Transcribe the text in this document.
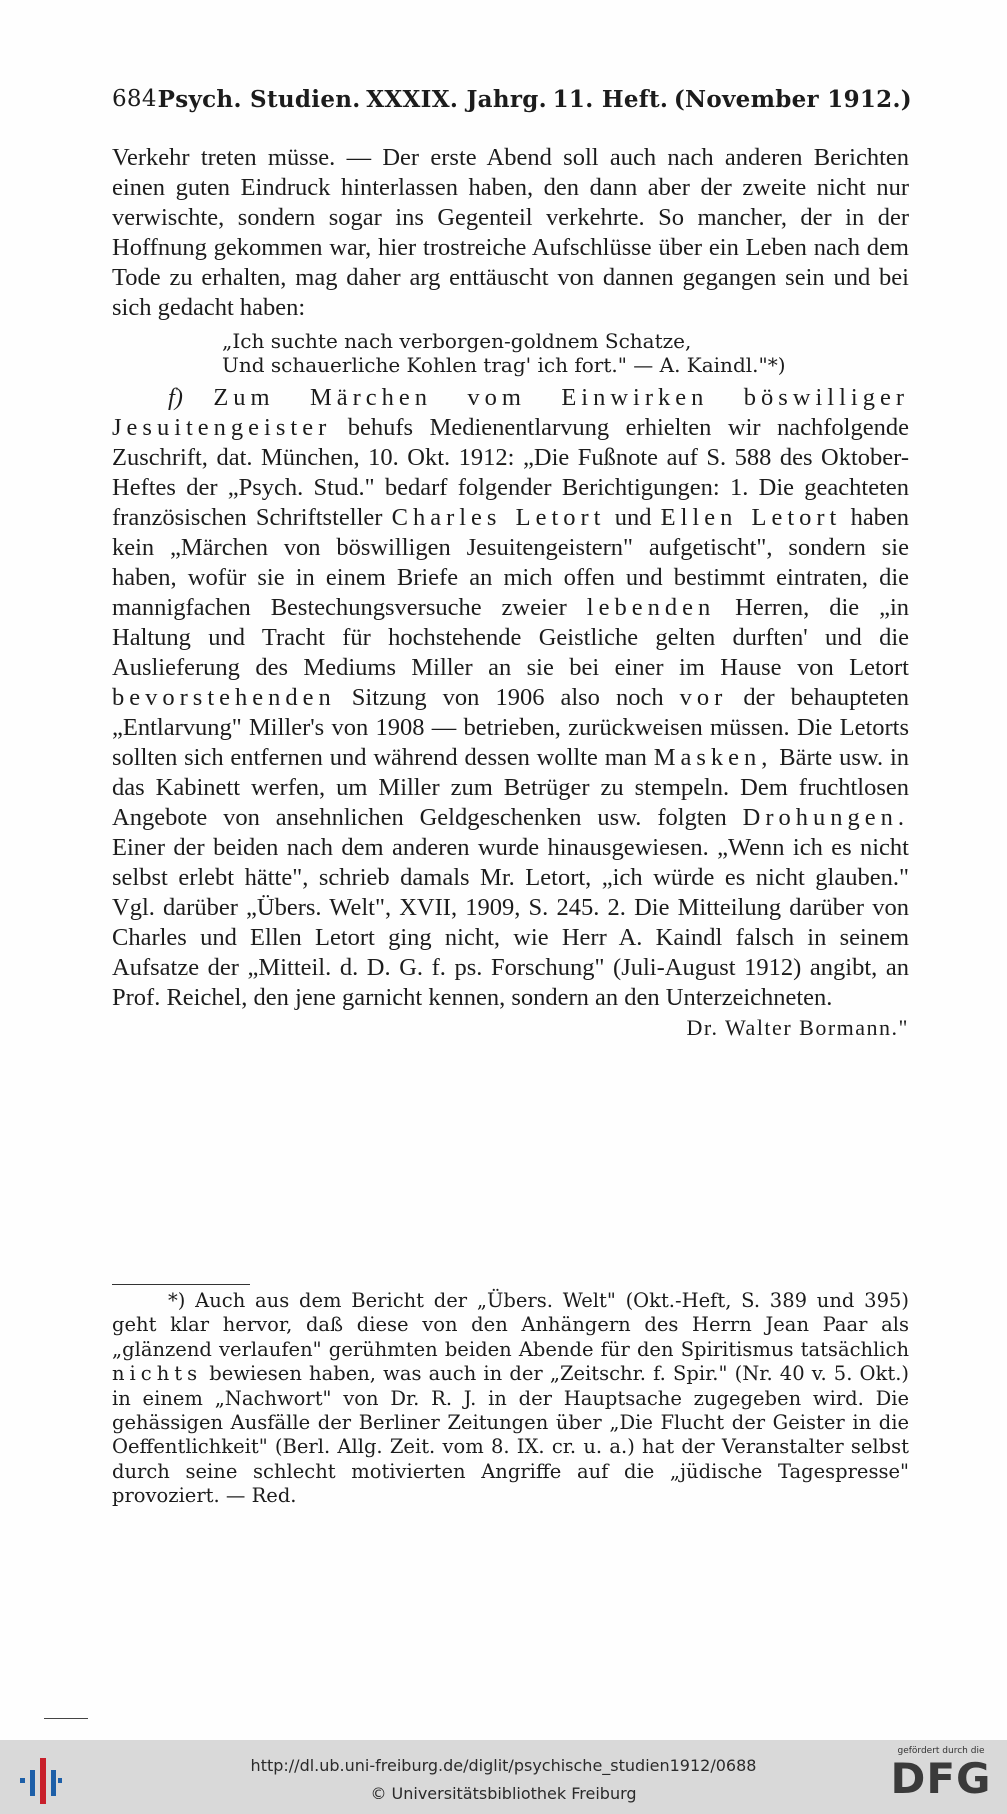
684 Psych. Studien. XXXIX. Jahrg. 11. Heft. (November 1912.)

Verkehr treten müsse. — Der erste Abend soll auch nach anderen Berichten einen guten Eindruck hinterlassen haben, den dann aber der zweite nicht nur verwischte, sondern sogar ins Gegenteil verkehrte. So mancher, der in der Hoffnung gekommen war, hier trostreiche Aufschlüsse über ein Leben nach dem Tode zu erhalten, mag daher arg enttäuscht von dannen gegangen sein und bei sich gedacht haben:

„Ich suchte nach verborgen-goldnem Schatze,
Und schauerliche Kohlen trag' ich fort." — A. Kaindl."*)

f) Zum Märchen vom Einwirken böswilliger Jesuitengeister behufs Medienentlarvung erhielten wir nachfolgende Zuschrift, dat. München, 10. Okt. 1912: „Die Fußnote auf S. 588 des Oktober-Heftes der „Psych. Stud." bedarf folgender Berichtigungen: 1. Die geachteten französischen Schriftsteller Charles Letort und Ellen Letort haben kein „Märchen von böswilligen Jesuitengeistern" aufgetischt", sondern sie haben, wofür sie in einem Briefe an mich offen und bestimmt eintraten, die mannigfachen Bestechungsversuche zweier lebenden Herren, die „in Haltung und Tracht für hochstehende Geistliche gelten durften' und die Auslieferung des Mediums Miller an sie bei einer im Hause von Letort bevorstehenden Sitzung von 1906 also noch vor der behaupteten „Entlarvung" Miller's von 1908 — betrieben, zurückweisen müssen. Die Letorts sollten sich entfernen und während dessen wollte man Masken, Bärte usw. in das Kabinett werfen, um Miller zum Betrüger zu stempeln. Dem fruchtlosen Angebote von ansehnlichen Geldgeschenken usw. folgten Drohungen. Einer der beiden nach dem anderen wurde hinausgewiesen. „Wenn ich es nicht selbst erlebt hätte", schrieb damals Mr. Letort, „ich würde es nicht glauben." Vgl. darüber „Übers. Welt", XVII, 1909, S. 245. 2. Die Mitteilung darüber von Charles und Ellen Letort ging nicht, wie Herr A. Kaindl falsch in seinem Aufsatze der „Mitteil. d. D. G. f. ps. Forschung" (Juli-August 1912) angibt, an Prof. Reichel, den jene garnicht kennen, sondern an den Unterzeichneten.
Dr. Walter Bormann."

*) Auch aus dem Bericht der „Übers. Welt" (Okt.-Heft, S. 389 und 395) geht klar hervor, daß diese von den Anhängern des Herrn Jean Paar als „glänzend verlaufen" gerühmten beiden Abende für den Spiritismus tatsächlich nichts bewiesen haben, was auch in der „Zeitschr. f. Spir." (Nr. 40 v. 5. Okt.) in einem „Nachwort" von Dr. R. J. in der Hauptsache zugegeben wird. Die gehässigen Ausfälle der Berliner Zeitungen über „Die Flucht der Geister in die Oeffentlichkeit" (Berl. Allg. Zeit. vom 8. IX. cr. u. a.) hat der Veranstalter selbst durch seine schlecht motivierten Angriffe auf die „jüdische Tagespresse" provoziert. — Red.

http://dl.ub.uni-freiburg.de/diglit/psychische_studien1912/0688
© Universitätsbibliothek Freiburg
gefördert durch die
DFG
